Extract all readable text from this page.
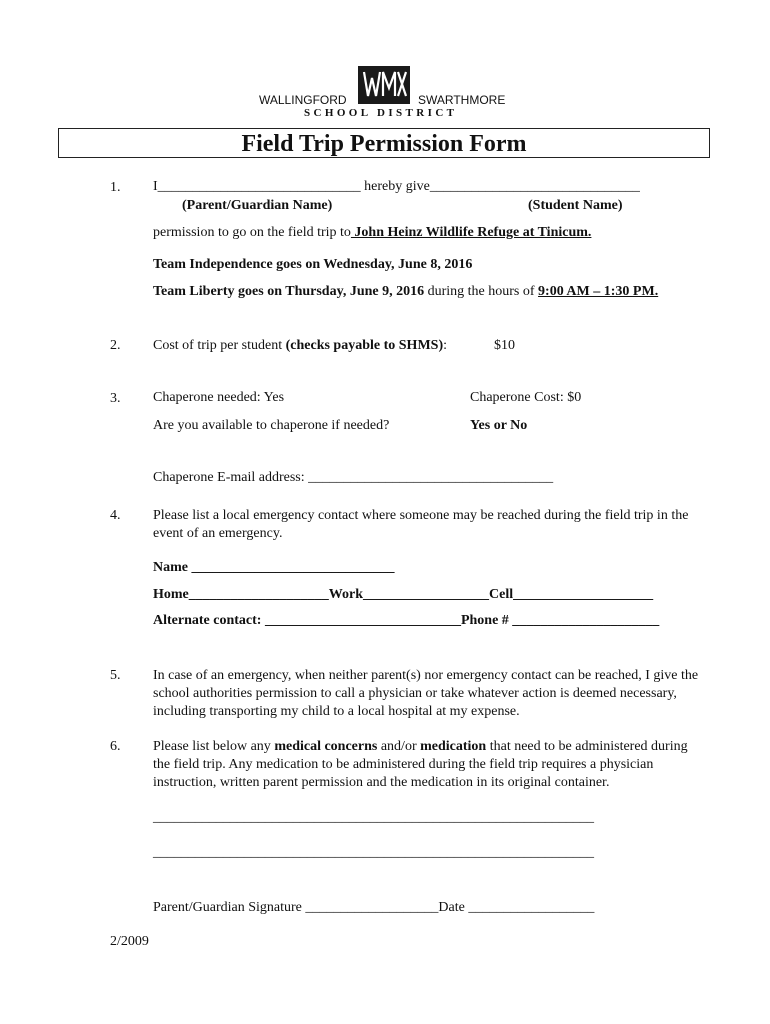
WALLINGFORD	SWARTHMORE
SCHOOL DISTRICT
Field Trip Permission Form
1. I_____________________________ hereby give______________________________
(Parent/Guardian Name)	(Student Name)
permission to go on the field trip to John Heinz Wildlife Refuge at Tinicum.
Team Independence goes on Wednesday, June 8, 2016
Team Liberty goes on Thursday, June 9, 2016 during the hours of 9:00 AM – 1:30 PM.
2. Cost of trip per student (checks payable to SHMS):	$10
3. Chaperone needed: Yes	Chaperone Cost: $0
Are you available to chaperone if needed?	Yes or No
Chaperone E-mail address: ___________________________________
4. Please list a local emergency contact where someone may be reached during the field trip in the event of an emergency.
Name _____________________________
Home____________________Work__________________Cell____________________
Alternate contact: ____________________________Phone # _____________________
5. In case of an emergency, when neither parent(s) nor emergency contact can be reached, I give the school authorities permission to call a physician or take whatever action is deemed necessary, including transporting my child to a local hospital at my expense.
6. Please list below any medical concerns and/or medication that need to be administered during the field trip. Any medication to be administered during the field trip requires a physician instruction, written parent permission and the medication in its original container.
_______________________________________________________________
_______________________________________________________________
Parent/Guardian Signature ___________________Date __________________
2/2009
